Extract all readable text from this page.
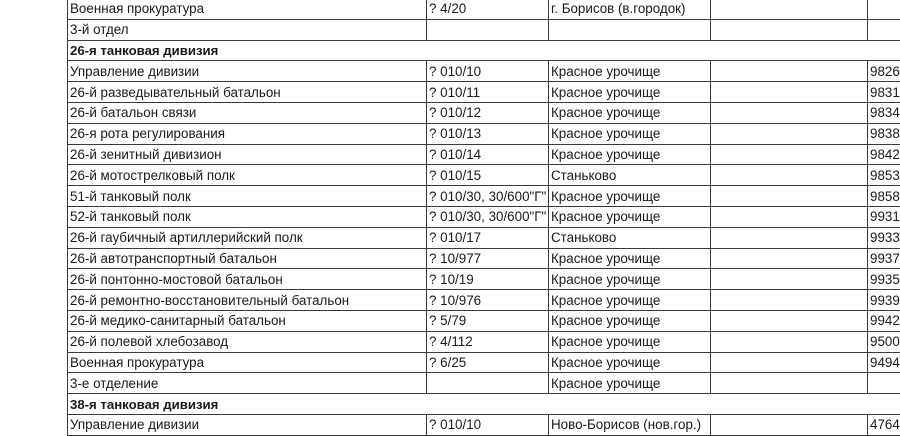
Военная прокуратура	? 4/20	г. Борисов (в.городок)		
3-й отдел				
26-я танковая дивизия				
Управление дивизии	? 010/10	Красное урочище		9826
26-й разведывательный батальон	? 010/11	Красное урочище		9831
26-й батальон связи	? 010/12	Красное урочище		9834
26-я рота регулирования	? 010/13	Красное урочище		9838
26-й зенитный дивизион	? 010/14	Красное урочище		9842
26-й мотострелковый полк	? 010/15	Станьково		9853
51-й танковый полк	? 010/30, 30/600"Г"	Красное урочище		9858
52-й танковый полк	? 010/30, 30/600"Г"	Красное урочище		9931
26-й гаубичный артиллерийский полк	? 010/17	Станьково		9933
26-й автотранспортный батальон	? 10/977	Красное урочище		9937
26-й понтонно-мостовой батальон	? 10/19	Красное урочище		9935
26-й ремонтно-восстановительный батальон	? 10/976	Красное урочище		9939
26-й медико-санитарный батальон	? 5/79	Красное урочище		9942
26-й полевой хлебозавод	? 4/112	Красное урочище		9500
Военная прокуратура	? 6/25	Красное урочище		9494
3-е отделение		Красное урочище		
38-я танковая дивизия				
Управление дивизии	? 010/10	Ново-Борисов (нов.гор.)		4764
